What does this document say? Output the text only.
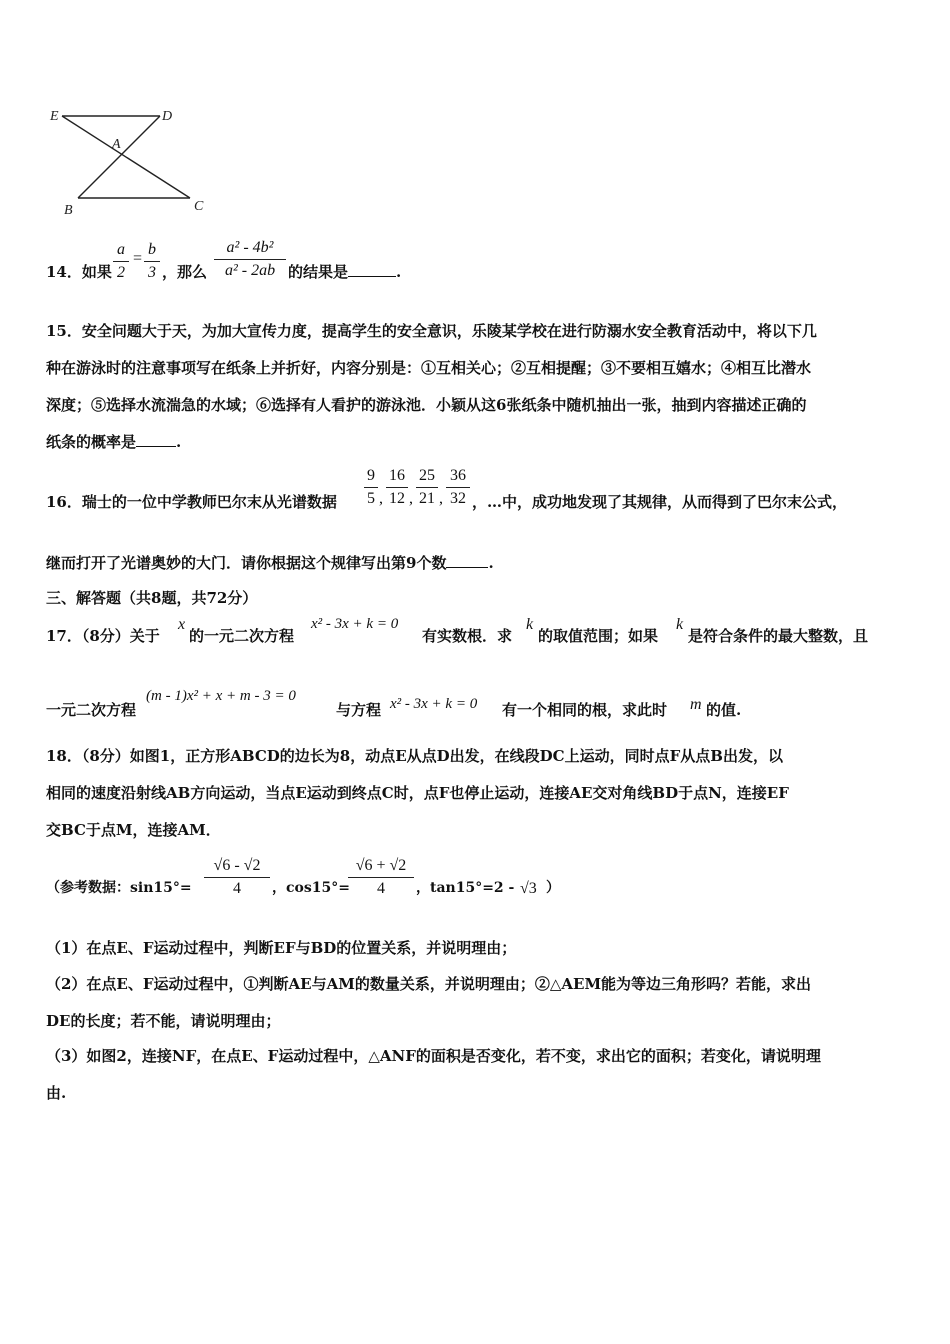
E	D
A
B	C
14．如果
a
2
=
b
3 ，那么
a² - 4b²
a² - 2ab 的结果是	.
15．安全问题大于天，为加大宣传力度，提高学生的安全意识，乐陵某学校在进行防溺水安全教育活动中，将以下几
种在游泳时的注意事项写在纸条上并折好，内容分别是：①互相关心；②互相提醒；③不要相互嬉水；④相互比潜水
深度；⑤选择水流湍急的水域；⑥选择有人看护的游泳池．小颖从这6张纸条中随机抽出一张，抽到内容描述正确的
纸条的概率是	.
16．瑞士的一位中学教师巴尔末从光谱数据
9
5 ,
16
12 ,
25
21 ,
36
32 ，…中，成功地发现了其规律，从而得到了巴尔末公式，
继而打开了光谱奥妙的大门．请你根据这个规律写出第9个数	.
三、解答题（共8题，共72分）
17．（8分）关于
x
的一元二次方程
x² - 3x + k = 0
有实数根．求
k
的取值范围；如果
k
是符合条件的最大整数，且
一元二次方程
(m - 1)x² + x + m - 3 = 0
与方程 x² - 3x + k = 0 有一个相同的根，求此时 m 的值.
18．（8分）如图1，正方形ABCD的边长为8，动点E从点D出发，在线段DC上运动，同时点F从点B出发，以
相同的速度沿射线AB方向运动，当点E运动到终点C时，点F也停止运动，连接AE交对角线BD于点N，连接EF
交BC于点M，连接AM．
（参考数据：sin15°=
√6 - √2
4	，cos15°=
√6 + √2
4	，tan15°=2 - √3 ）
（1）在点E、F运动过程中，判断EF与BD的位置关系，并说明理由；
（2）在点E、F运动过程中，①判断AE与AM的数量关系，并说明理由；②△AEM能为等边三角形吗？若能，求出
DE的长度；若不能，请说明理由；
（3）如图2，连接NF，在点E、F运动过程中，△ANF的面积是否变化，若不变，求出它的面积；若变化，请说明理
由.
